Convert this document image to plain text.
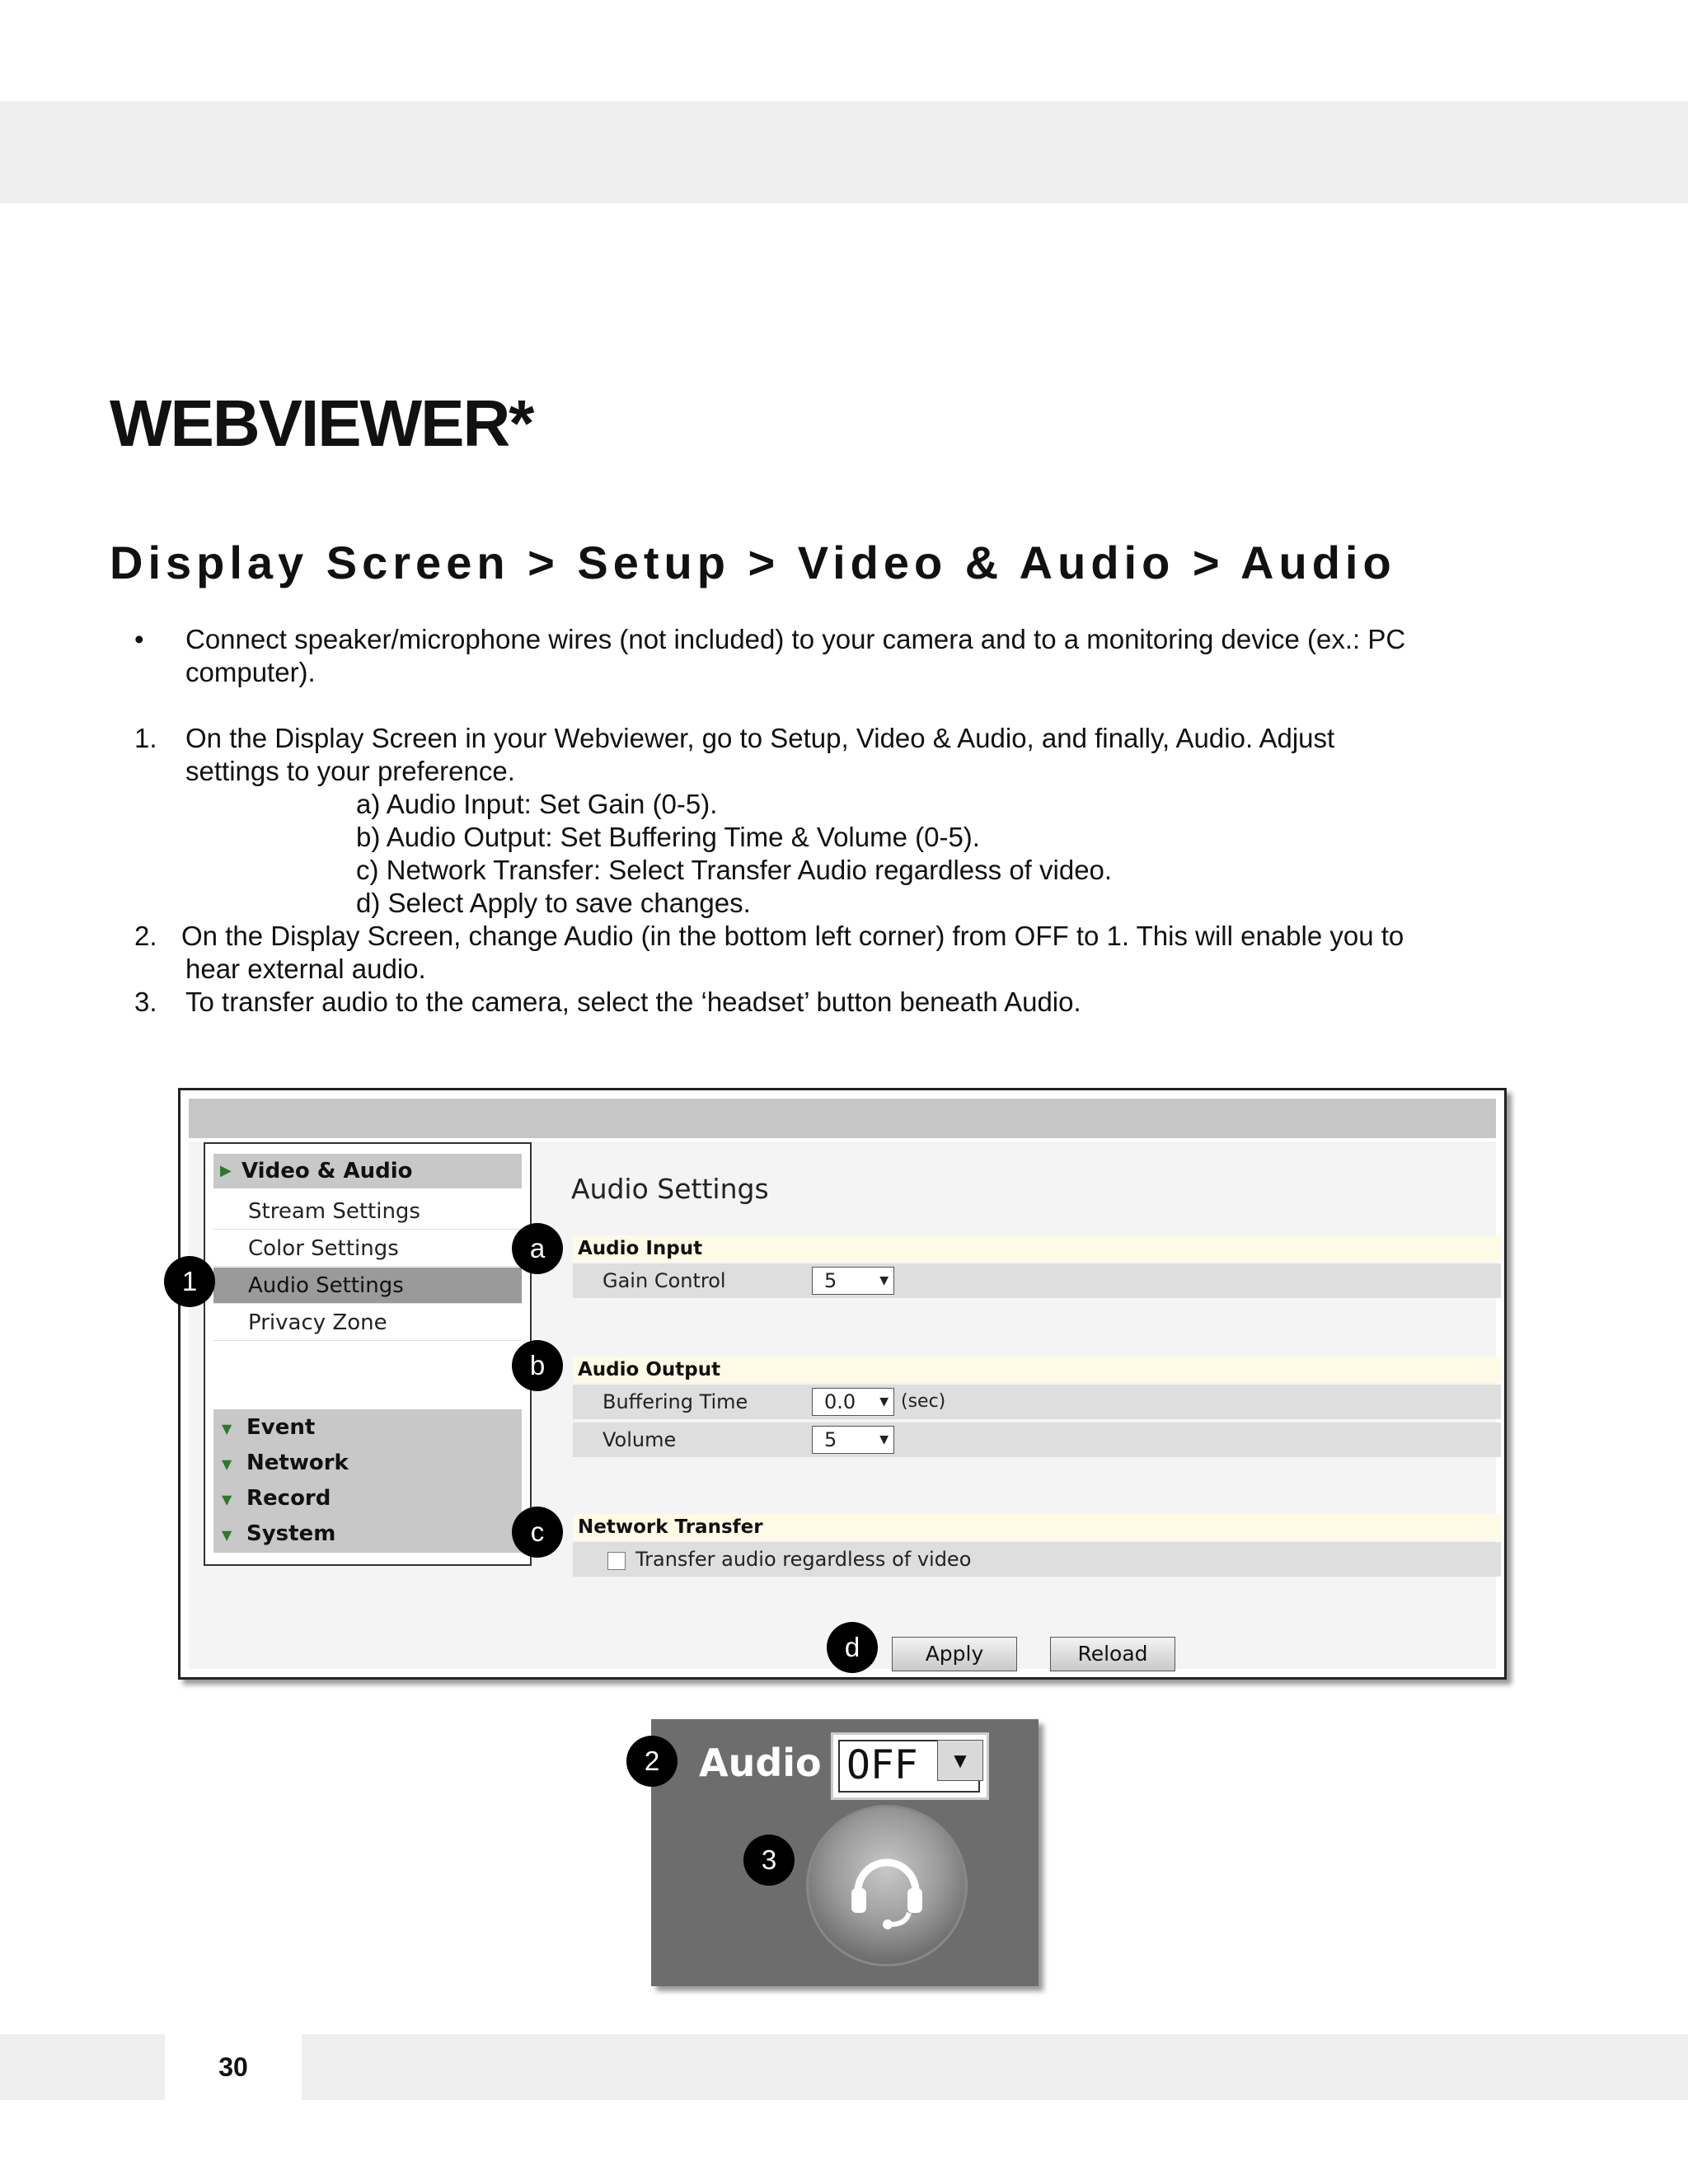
WEBVIEWER*
Display Screen > Setup > Video & Audio > Audio
• Connect speaker/microphone wires (not included) to your camera and to a monitoring device (ex.: PC
computer).
1. On the Display Screen in your Webviewer, go to Setup, Video & Audio, and finally, Audio. Adjust
settings to your preference.
a) Audio Input: Set Gain (0-5).
b) Audio Output: Set Buffering Time & Volume (0-5).
c) Network Transfer: Select Transfer Audio regardless of video.
d) Select Apply to save changes.
2. On the Display Screen, change Audio (in the bottom left corner) from OFF to 1. This will enable you to
hear external audio.
3. To transfer audio to the camera, select the ‘headset’ button beneath Audio.
▶ Video & Audio
Stream Settings
Color Settings
Audio Settings
Privacy Zone
▼ Event
▼ Network
▼ Record
▼ System
Audio Settings
Audio Input
Gain Control	5	▼
Audio Output
Buffering Time	0.0 ▼ (sec)
Volume	5	▼
Network Transfer
Transfer audio regardless of video
Apply	Reload
1
a
b
c
d
Audio OFF	▼
2
3
30
